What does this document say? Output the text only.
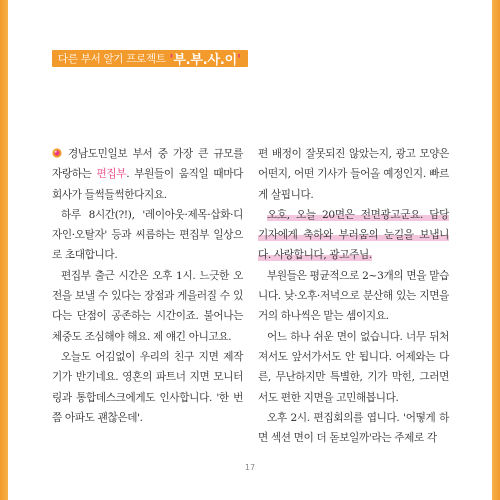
다른 부서 알기 프로젝트 '부.부.사.이'

경남도민일보 부서 중 가장 큰 규모를 자랑하는 편집부. 부원들이 움직일 때마다 회사가 들썩들썩한다지요.

하루 8시간(?!), '레이아웃·제목·삽화·디자인·오탈자' 등과 씨름하는 편집부 일상으로 초대합니다.

편집부 출근 시간은 오후 1시. 느긋한 오전을 보낼 수 있다는 장점과 게을러질 수 있다는 단점이 공존하는 시간이죠. 불어나는 체중도 조심해야 해요. 제 얘긴 아니고요.

오늘도 어김없이 우리의 친구 지면 제작기가 반기네요. 영혼의 파트너 지면 모니터링과 통합데스크에게도 인사합니다. '한 번쯤 아파도 괜찮은데'.

편 배정이 잘못되진 않았는지, 광고 모양은 어떤지, 어떤 기사가 들어올 예정인지. 빠르게 살핍니다.

오호, 오늘 20면은 전면광고군요. 담당 기자에게 축하와 부러움의 눈길을 보냅니다. 사랑합니다, 광고주님.

부원들은 평균적으로 2~3개의 면을 맡습니다. 낮·오후·저녁으로 분산해 있는 지면을 거의 하나씩은 맡는 셈이지요.

어느 하나 쉬운 면이 없습니다. 너무 뒤처져서도 앞서가서도 안 됩니다. 어제와는 다른, 무난하지만 특별한, 기가 막힌, 그러면서도 편한 지면을 고민해봅니다.

오후 2시. 편집회의를 엽니다. '어떻게 하면 섹션 면이 더 돋보일까'라는 주제로 각

17
